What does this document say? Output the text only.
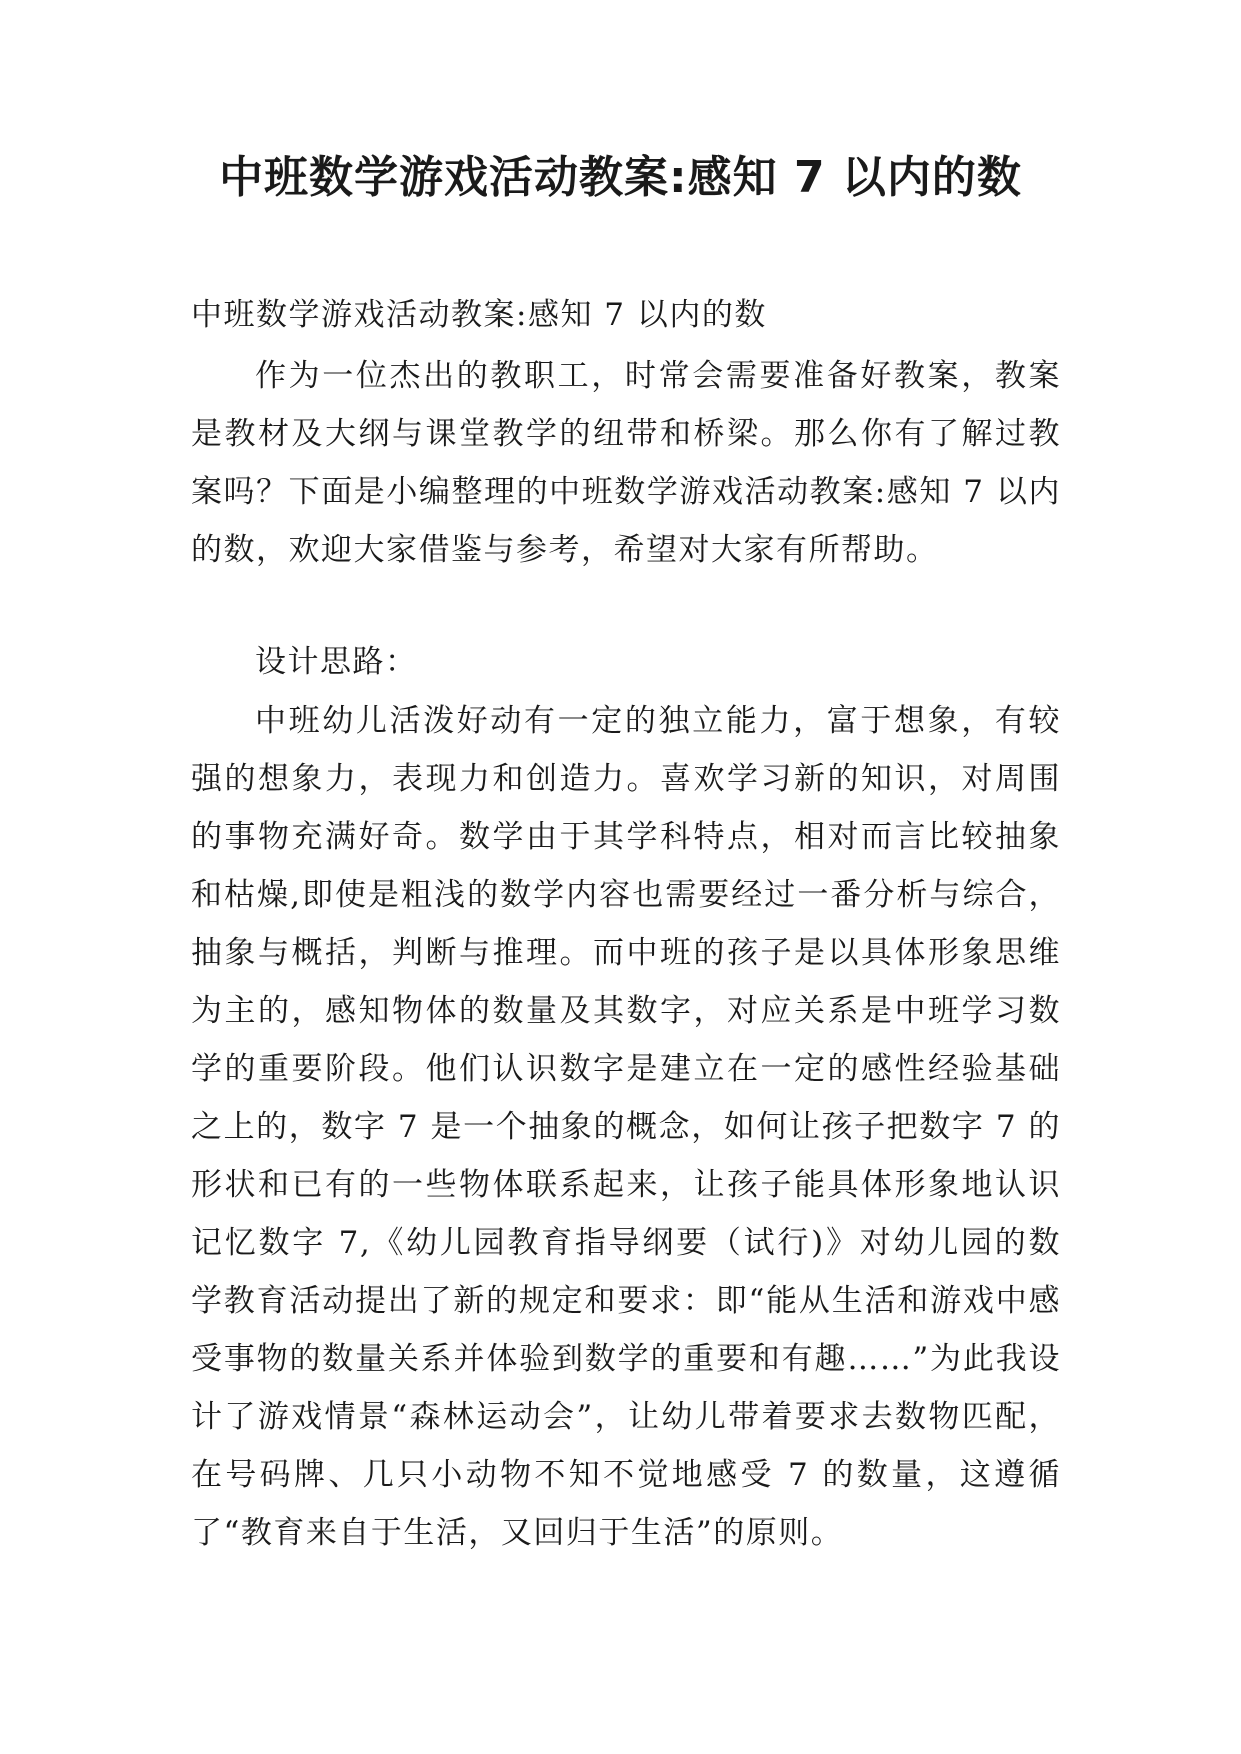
中班数学游戏活动教案:感知 7 以内的数

中班数学游戏活动教案:感知 7 以内的数

作为一位杰出的教职工，时常会需要准备好教案，教案是教材及大纲与课堂教学的纽带和桥梁。那么你有了解过教案吗？下面是小编整理的中班数学游戏活动教案:感知 7 以内的数，欢迎大家借鉴与参考，希望对大家有所帮助。

设计思路：

中班幼儿活泼好动有一定的独立能力，富于想象，有较强的想象力，表现力和创造力。喜欢学习新的知识，对周围的事物充满好奇。数学由于其学科特点，相对而言比较抽象和枯燥,即使是粗浅的数学内容也需要经过一番分析与综合，抽象与概括，判断与推理。而中班的孩子是以具体形象思维为主的，感知物体的数量及其数字，对应关系是中班学习数学的重要阶段。他们认识数字是建立在一定的感性经验基础之上的，数字 7 是一个抽象的概念，如何让孩子把数字 7 的形状和已有的一些物体联系起来，让孩子能具体形象地认识记忆数字 7,《幼儿园教育指导纲要（试行)》对幼儿园的数学教育活动提出了新的规定和要求：即“能从生活和游戏中感受事物的数量关系并体验到数学的重要和有趣……”为此我设计了游戏情景“森林运动会”，让幼儿带着要求去数物匹配，在号码牌、几只小动物不知不觉地感受 7 的数量，这遵循了“教育来自于生活，又回归于生活”的原则。
